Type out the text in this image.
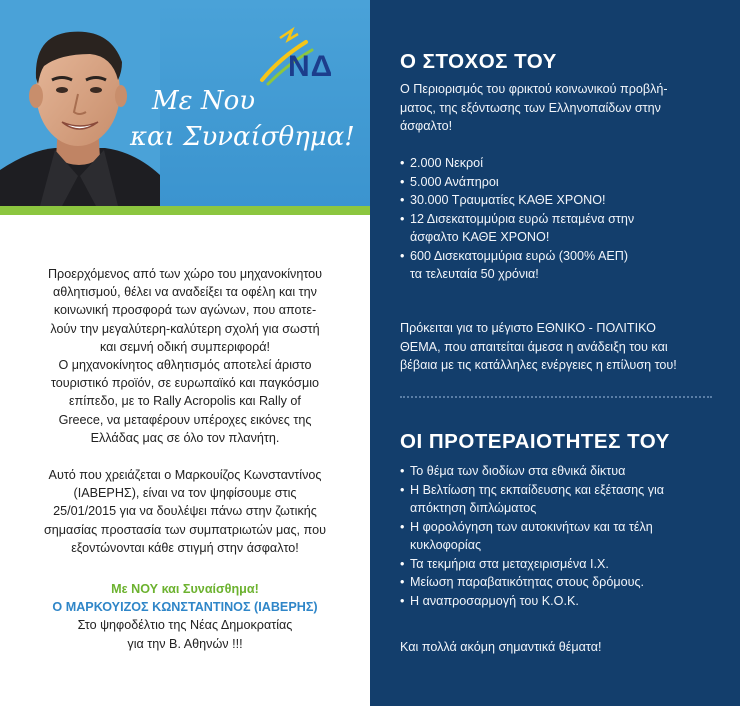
ΝΔ
Με Νου
και Συναίσθημα!

Προερχόμενος από των χώρο του μηχανοκίνητου

αθλητισμού, θέλει να αναδείξει τα οφέλη και την

κοινωνική προσφορά των αγώνων, που αποτε-

λούν την μεγαλύτερη-καλύτερη σχολή για σωστή

και σεμνή οδική συμπεριφορά!

Ο μηχανοκίνητος αθλητισμός αποτελεί άριστο

τουριστικό προϊόν, σε ευρωπαϊκό και παγκόσμιο

επίπεδο, με το Rally Acropolis και Rally of

Greece, να μεταφέρουν υπέροχες εικόνες της

Ελλάδας μας σε όλο τον πλανήτη.

Αυτό που χρειάζεται ο Μαρκουίζος Κωνσταντίνος

(ΙΑΒΕΡΗΣ), είναι να τον ψηφίσουμε στις

25/01/2015 για να δουλέψει πάνω στην ζωτικής

σημασίας προστασία των συμπατριωτών μας, που

εξοντώνονται κάθε στιγμή στην άσφαλτο!

Με ΝΟΥ και Συναίσθημα!

Ο ΜΑΡΚΟΥΙΖΟΣ ΚΩΝΣΤΑΝΤΙΝΟΣ (ΙΑΒΕΡΗΣ)

Στο ψηφοδέλτιο της Νέας Δημοκρατίας

για την Β. Αθηνών !!!

Ο ΣΤΟΧΟΣ ΤΟΥ

Ο Περιορισμός του φρικτού κοινωνικού προβλή-

ματος, της εξόντωσης των Ελληνοπαίδων στην

άσφαλτο!

• 2.000 Νεκροί
• 5.000 Ανάπηροι
• 30.000 Τραυματίες ΚΑΘΕ ΧΡΟΝΟ!
• 12 Δισεκατομμύρια ευρώ πεταμένα στην
άσφαλτο ΚΑΘΕ ΧΡΟΝΟ!
• 600 Δισεκατομμύρια ευρώ (300% ΑΕΠ)
τα τελευταία 50 χρόνια!

Πρόκειται για το μέγιστο ΕΘΝΙΚΟ - ΠΟΛΙΤΙΚΟ

ΘΕΜΑ, που απαιτείται άμεσα η ανάδειξη του και

βέβαια με τις κατάλληλες ενέργειες η επίλυση του!

ΟΙ ΠΡΟΤΕΡΑΙΟΤΗΤΕΣ ΤΟΥ
• Το θέμα των διοδίων στα εθνικά δίκτυα
• Η Βελτίωση της εκπαίδευσης και εξέτασης για
απόκτηση διπλώματος
• Η φορολόγηση των αυτοκινήτων και τα τέλη
κυκλοφορίας
• Τα τεκμήρια στα μεταχειρισμένα Ι.Χ.
• Μείωση παραβατικότητας στους δρόμους.
• Η αναπροσαρμογή του Κ.Ο.Κ.
Και πολλά ακόμη σημαντικά θέματα!
